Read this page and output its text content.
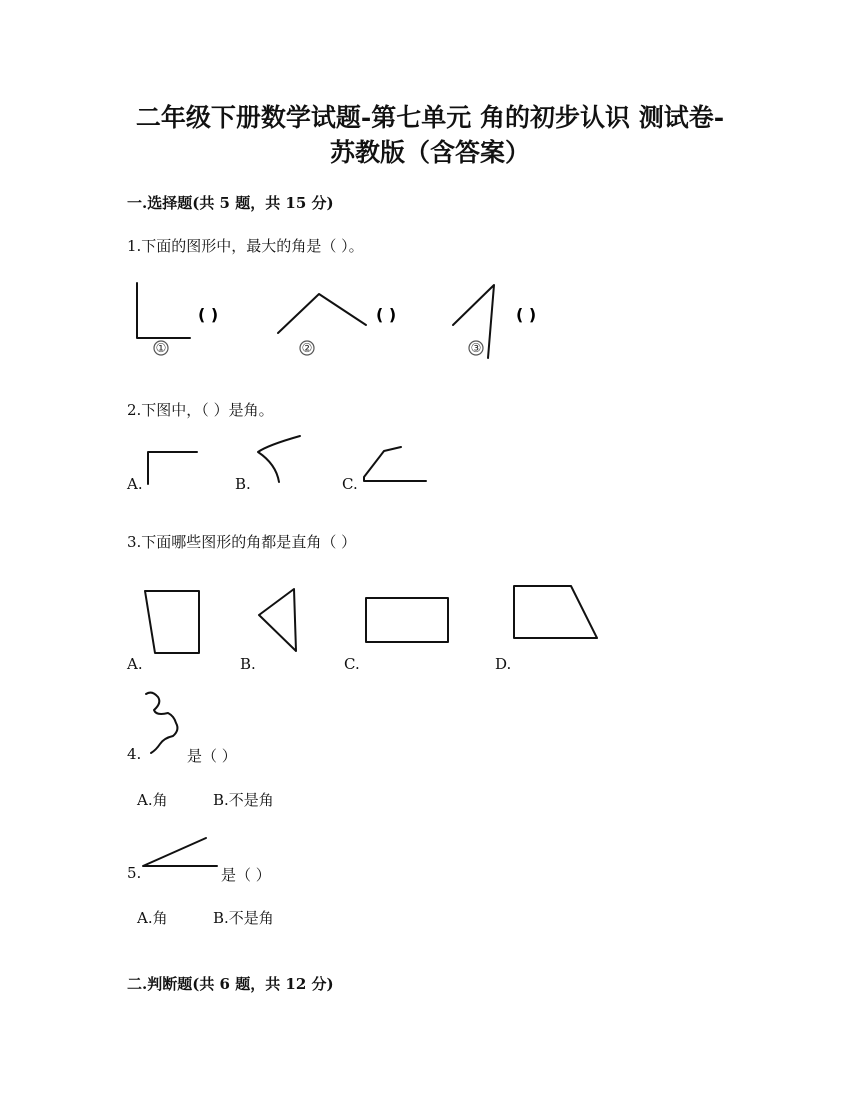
二年级下册数学试题-第七单元 角的初步认识 测试卷-
苏教版（含答案）
一.选择题(共 5 题，共 15 分)
1.下面的图形中，最大的角是（ ）。
①
( )
②
( )
③
( )
2.下图中，（ ）是角。
A.	B.	C.
3.下面哪些图形的角都是直角（ ）
A.	B.	C.	D.
4.	是（ ）
A.角	B.不是角
5.	是（ ）
A.角	B.不是角
二.判断题(共 6 题，共 12 分)
